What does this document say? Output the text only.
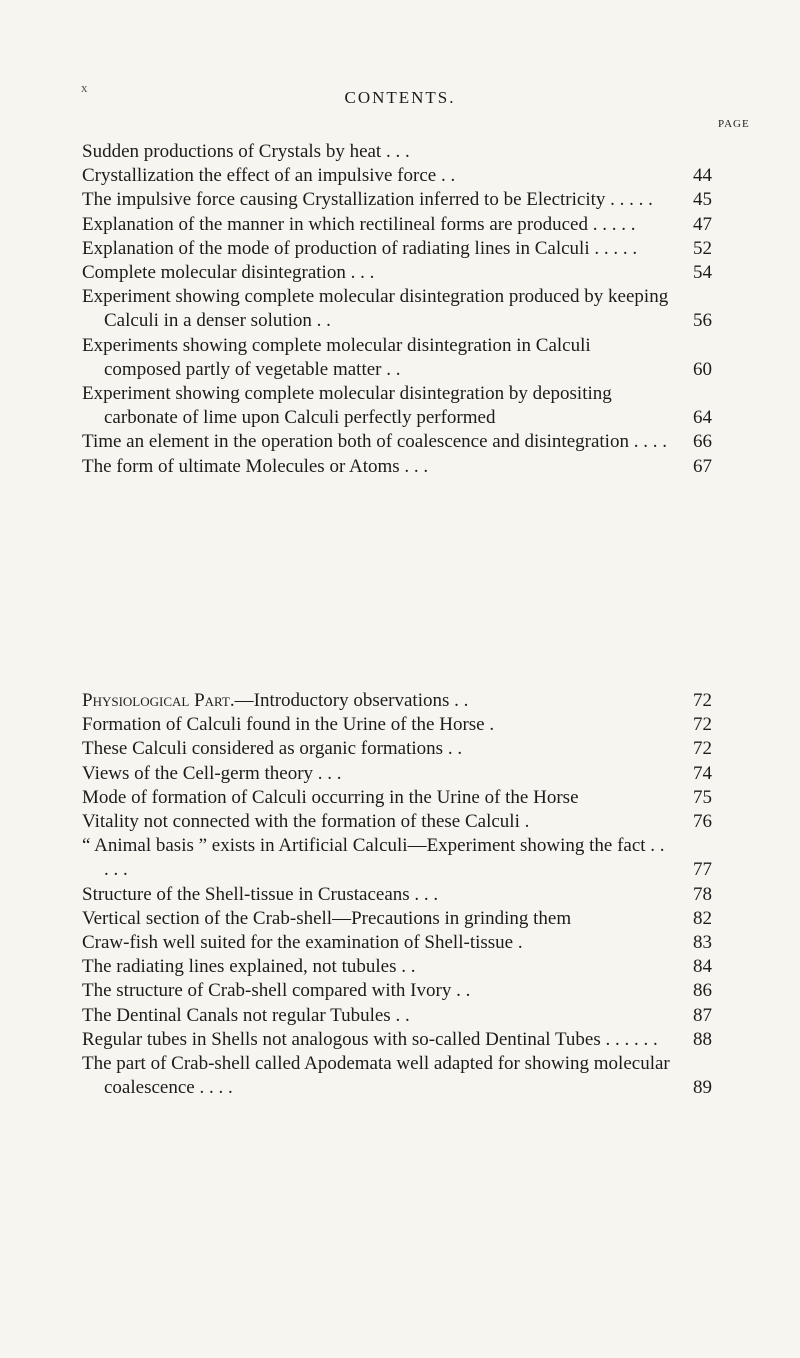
x
CONTENTS.
PAGE
Sudden productions of Crystals by heat . . .
Crystallization the effect of an impulsive force . .	44
The impulsive force causing Crystallization inferred to be Electricity . . . . .	45
Explanation of the manner in which rectilineal forms are produced . . . . .	47
Explanation of the mode of production of radiating lines in Calculi . . . . .	52
Complete molecular disintegration . . .	54
Experiment showing complete molecular disintegration produced by keeping Calculi in a denser solution . .	56
Experiments showing complete molecular disintegration in Calculi composed partly of vegetable matter . .	60
Experiment showing complete molecular disintegration by depositing carbonate of lime upon Calculi perfectly performed	64
Time an element in the operation both of coalescence and disintegration . . . .	66
The form of ultimate Molecules or Atoms . . .	67
Physiological Part.—Introductory observations . .	72
Formation of Calculi found in the Urine of the Horse .	72
These Calculi considered as organic formations . .	72
Views of the Cell-germ theory . . .	74
Mode of formation of Calculi occurring in the Urine of the Horse	75
Vitality not connected with the formation of these Calculi .	76
“ Animal basis ” exists in Artificial Calculi—Experiment showing the fact . . . . .	77
Structure of the Shell-tissue in Crustaceans . . .	78
Vertical section of the Crab-shell—Precautions in grinding them	82
Craw-fish well suited for the examination of Shell-tissue .	83
The radiating lines explained, not tubules . .	84
The structure of Crab-shell compared with Ivory . .	86
The Dentinal Canals not regular Tubules . .	87
Regular tubes in Shells not analogous with so-called Dentinal Tubes . . . . . .	88
The part of Crab-shell called Apodemata well adapted for showing molecular coalescence . . . .	89
